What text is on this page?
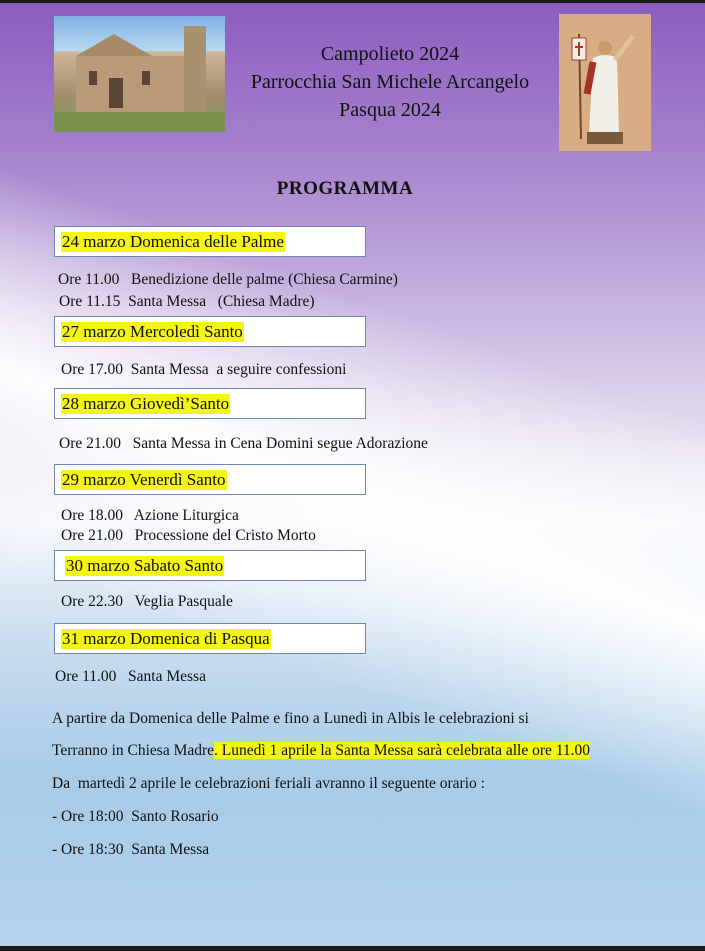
Campolieto 2024
Parrocchia San Michele Arcangelo
Pasqua 2024
PROGRAMMA
24 marzo Domenica delle Palme
Ore 11.00   Benedizione delle palme (Chiesa Carmine)
Ore 11.15  Santa Messa   (Chiesa Madre)
27 marzo Mercoledì Santo
Ore 17.00  Santa Messa  a seguire confessioni
28 marzo Giovedì’Santo
Ore 21.00   Santa Messa in Cena Domini segue Adorazione
29 marzo Venerdì Santo
Ore 18.00   Azione Liturgica
Ore 21.00   Processione del Cristo Morto
30 marzo Sabato Santo
Ore 22.30   Veglia Pasquale
31 marzo Domenica di Pasqua
Ore 11.00   Santa Messa
A partire da Domenica delle Palme e fino a Lunedì in Albis le celebrazioni si
Terranno in Chiesa Madre. Lunedì 1 aprile la Santa Messa sarà celebrata alle ore 11.00
Da  martedì 2 aprile le celebrazioni feriali avranno il seguente orario :
- Ore 18:00  Santo Rosario
- Ore 18:30  Santa Messa
